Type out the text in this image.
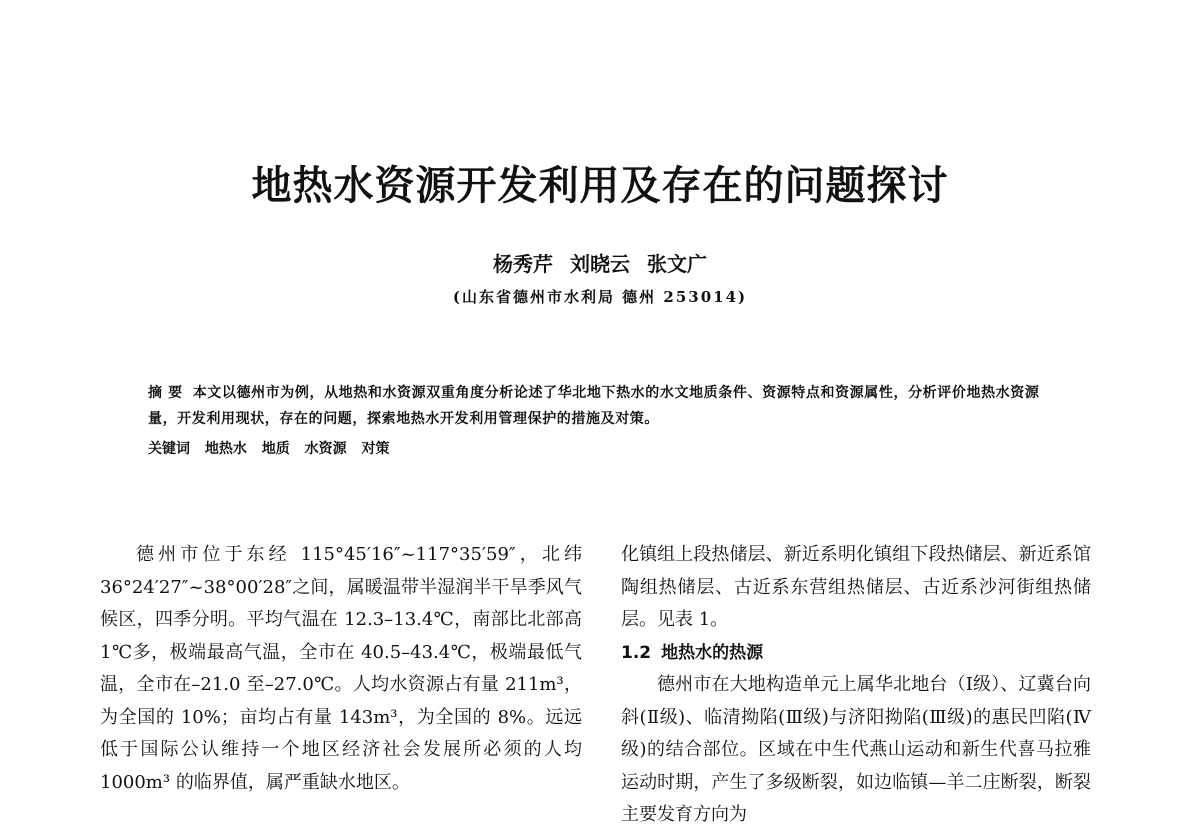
地热水资源开发利用及存在的问题探讨
杨秀芹 刘晓云 张文广
(山东省德州市水利局 德州 253014)
摘 要 本文以德州市为例，从地热和水资源双重角度分析论述了华北地下热水的水文地质条件、资源特点和资源属性，分析评价地热水资源量，开发利用现状，存在的问题，探索地热水开发利用管理保护的措施及对策。
关键词 地热水 地质 水资源 对策

德州市位于东经 115°45′16″~117°35′59″，北纬 36°24′27″~38°00′28″之间，属暖温带半湿润半干旱季风气候区，四季分明。平均气温在 12.3–13.4℃，南部比北部高 1℃多，极端最高气温，全市在 40.5–43.4℃，极端最低气温，全市在–21.0 至–27.0℃。人均水资源占有量 211m³，为全国的 10%；亩均占有量 143m³，为全国的 8%。远远低于国际公认维持一个地区经济社会发展所必须的人均 1000m³ 的临界值，属严重缺水地区。

化镇组上段热储层、新近系明化镇组下段热储层、新近系馆陶组热储层、古近系东营组热储层、古近系沙河街组热储层。见表 1。

1.2 地热水的热源

德州市在大地构造单元上属华北地台（Ⅰ级）、辽冀台向斜(Ⅱ级)、临清拗陷(Ⅲ级)与济阳拗陷(Ⅲ级)的惠民凹陷(Ⅳ级)的结合部位。区域在中生代燕山运动和新生代喜马拉雅运动时期，产生了多级断裂，如边临镇—羊二庄断裂，断裂主要发育方向为
